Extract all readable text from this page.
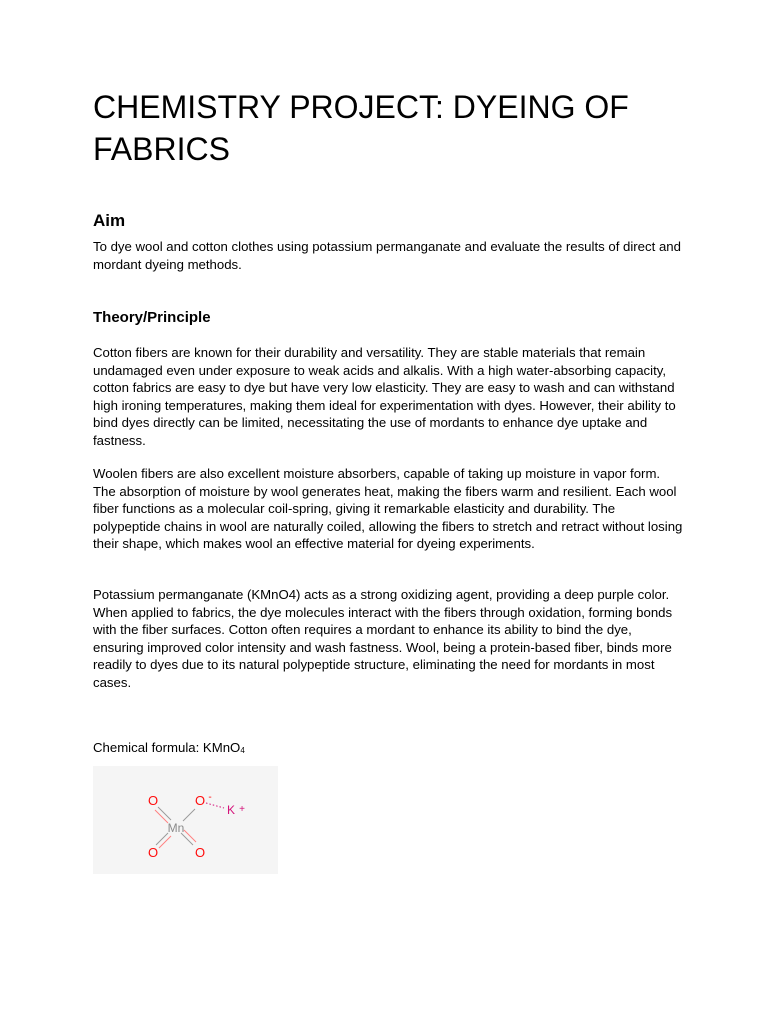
CHEMISTRY PROJECT: DYEING OF FABRICS
Aim

To dye wool and cotton clothes using potassium permanganate and evaluate the results of direct and mordant dyeing methods.

Theory/Principle

Cotton fibers are known for their durability and versatility. They are stable materials that remain undamaged even under exposure to weak acids and alkalis. With a high water-absorbing capacity, cotton fabrics are easy to dye but have very low elasticity. They are easy to wash and can withstand high ironing temperatures, making them ideal for experimentation with dyes. However, their ability to bind dyes directly can be limited, necessitating the use of mordants to enhance dye uptake and fastness.

Woolen fibers are also excellent moisture absorbers, capable of taking up moisture in vapor form. The absorption of moisture by wool generates heat, making the fibers warm and resilient. Each wool fiber functions as a molecular coil-spring, giving it remarkable elasticity and durability. The polypeptide chains in wool are naturally coiled, allowing the fibers to stretch and retract without losing their shape, which makes wool an effective material for dyeing experiments.

Potassium permanganate (KMnO4) acts as a strong oxidizing agent, providing a deep purple color. When applied to fabrics, the dye molecules interact with the fibers through oxidation, forming bonds with the fiber surfaces. Cotton often requires a mordant to enhance its ability to bind the dye, ensuring improved color intensity and wash fastness. Wool, being a protein-based fiber, binds more readily to dyes due to its natural polypeptide structure, eliminating the need for mordants in most cases.

Chemical formula: KMnO$_4$

O	O -
Mn
K +
O	O
